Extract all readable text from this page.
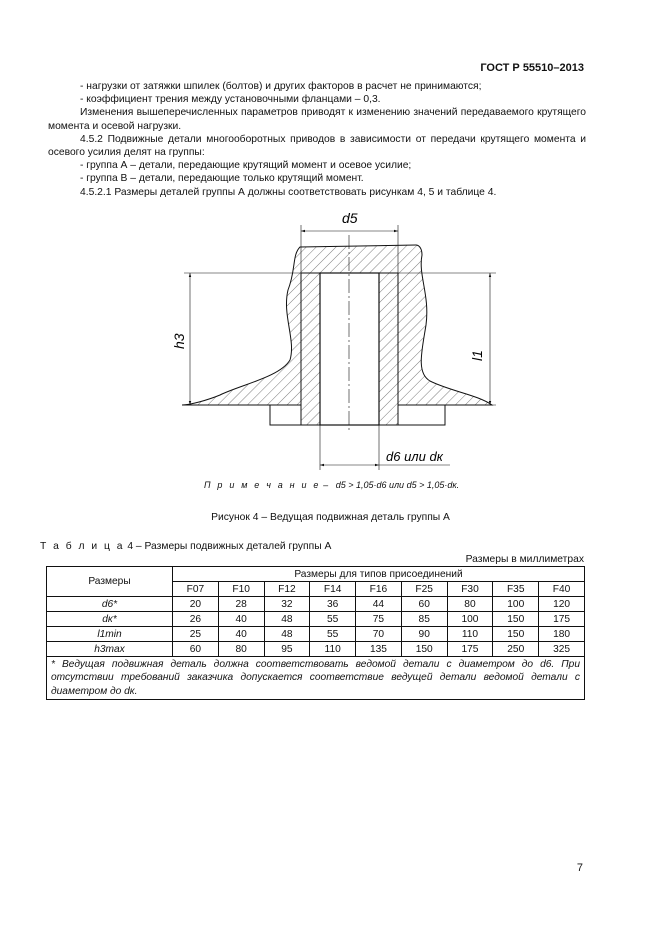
ГОСТ Р 55510–2013

- нагрузки от затяжки шпилек (болтов) и других факторов в расчет не принимаются;

- коэффициент трения между установочными фланцами – 0,3.

Изменения вышеперечисленных параметров приводят к изменению значений передаваемого крутящего момента и осевой нагрузки.

4.5.2 Подвижные детали многооборотных приводов в зависимости от передачи крутящего момента и осевого усилия делят на группы:

- группа А – детали, передающие крутящий момент и осевое усилие;

- группа В – детали, передающие только крутящий момент.

4.5.2.1 Размеры деталей группы А должны соответствовать рисункам 4, 5 и таблице 4.

d5
h3
l1
d6 или dк
П р и м е ч а н и е – d5 > 1,05·d6 или d5 > 1,05·dк.
Рисунок 4 – Ведущая подвижная деталь группы А
Т а б л и ц а 4 – Размеры подвижных деталей группы А
Размеры в миллиметрах
Размеры	Размеры для типов присоединений								
	F07	F10	F12	F14	F16	F25	F30	F35	F40
d6*	20	28	32	36	44	60	80	100	120
dк*	26	40	48	55	75	85	100	150	175
l1min	25	40	48	55	70	90	110	150	180
h3max	60	80	95	110	135	150	175	250	325
* Ведущая подвижная деталь должна соответствовать ведомой детали с диаметром до d6. При отсутствии требований заказчика допускается соответствие ведущей детали ведомой детали с диаметром до dк.									
7
